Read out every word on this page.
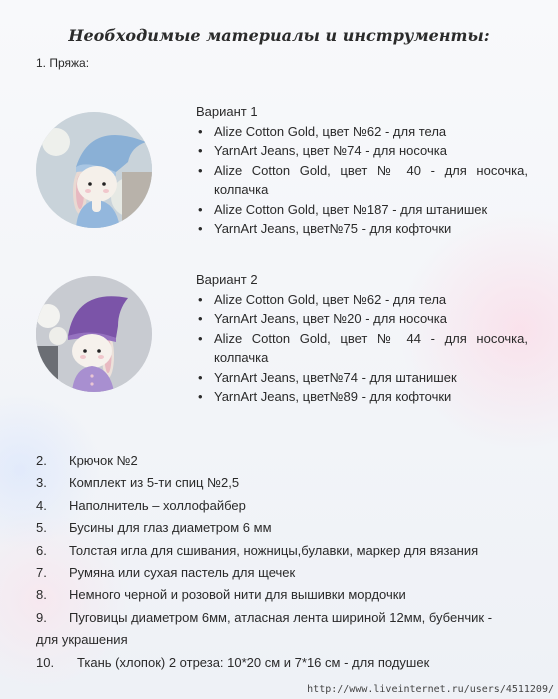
Необходимые материалы и инструменты:
1. Пряжа:
Вариант 1
• Alize Cotton Gold, цвет №62 - для тела
• YarnArt Jeans, цвет №74 - для носочка
• Alize Cotton Gold, цвет № 40 - для носочка,
колпачка
• Alize Cotton Gold, цвет №187 - для штанишек
• YarnArt Jeans, цвет№75 - для кофточки
Вариант 2
• Alize Cotton Gold, цвет №62 - для тела
• YarnArt Jeans, цвет №20 - для носочка
• Alize Cotton Gold, цвет № 44 - для носочка,
колпачка
• YarnArt Jeans, цвет№74 - для штанишек
• YarnArt Jeans, цвет№89 - для кофточки
2. Крючок №2
3. Комплект из 5-ти спиц №2,5
4. Наполнитель – холлофайбер
5. Бусины для глаз диаметром 6 мм
6. Толстая игла для сшивания, ножницы,булавки, маркер для вязания
7. Румяна или сухая пастель для щечек
8. Немного черной и розовой нити для вышивки мордочки
9. Пуговицы диаметром 6мм, атласная лента шириной 12мм, бубенчик -
для украшения
10. Ткань (хлопок) 2 отреза: 10*20 см и 7*16 см - для подушек
http://www.liveinternet.ru/users/4511209/
